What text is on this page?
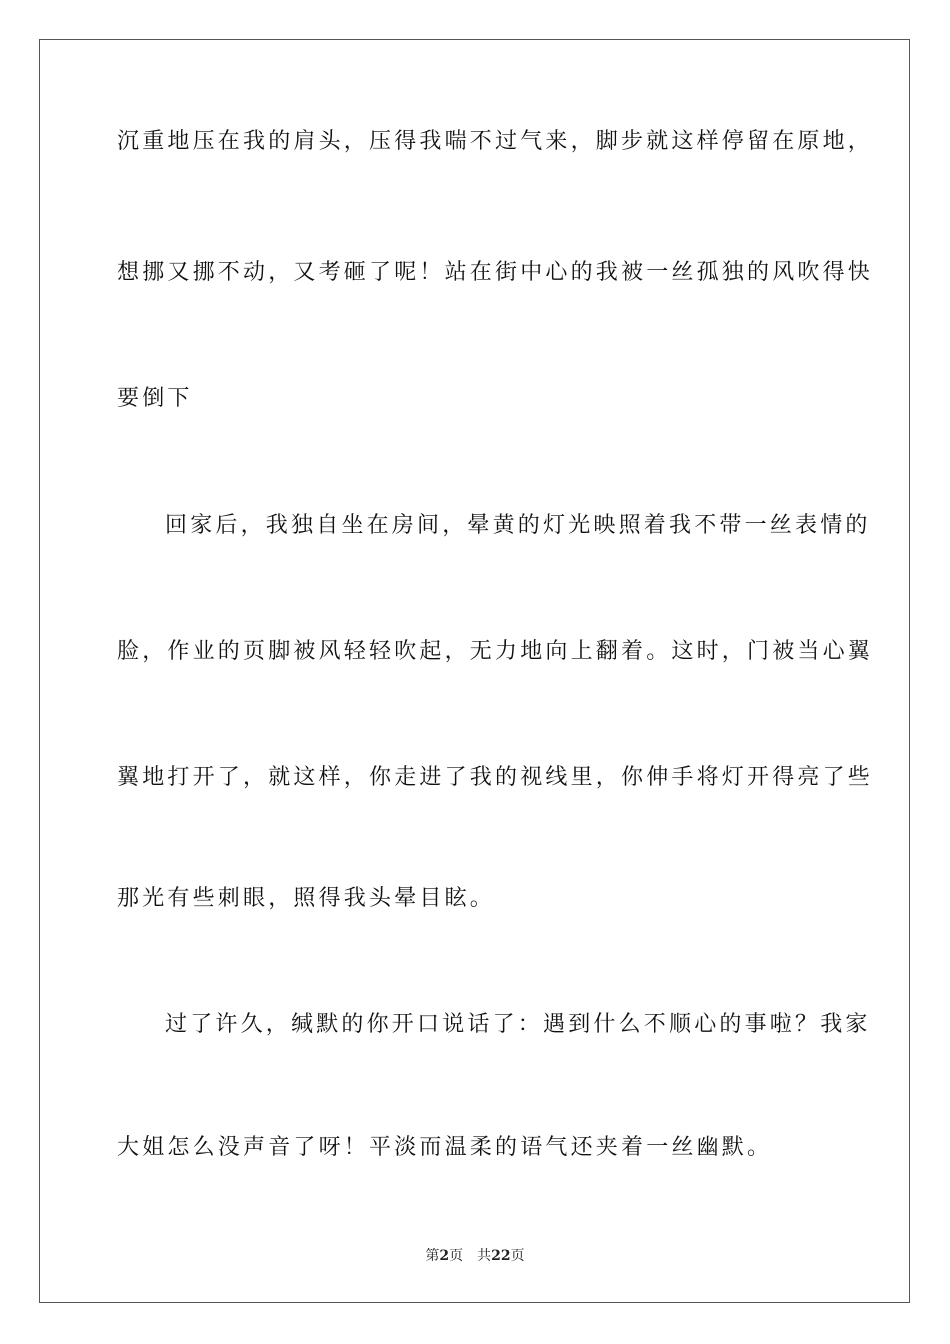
沉重地压在我的肩头，压得我喘不过气来，脚步就这样停留在原地，
想挪又挪不动，又考砸了呢！站在街中心的我被一丝孤独的风吹得快
要倒下
回家后，我独自坐在房间，晕黄的灯光映照着我不带一丝表情的
脸，作业的页脚被风轻轻吹起，无力地向上翻着。这时，门被当心翼
翼地打开了，就这样，你走进了我的视线里，你伸手将灯开得亮了些
那光有些刺眼，照得我头晕目眩。
过了许久，缄默的你开口说话了：遇到什么不顺心的事啦？我家
大姐怎么没声音了呀！平淡而温柔的语气还夹着一丝幽默。
第2页 共22页
